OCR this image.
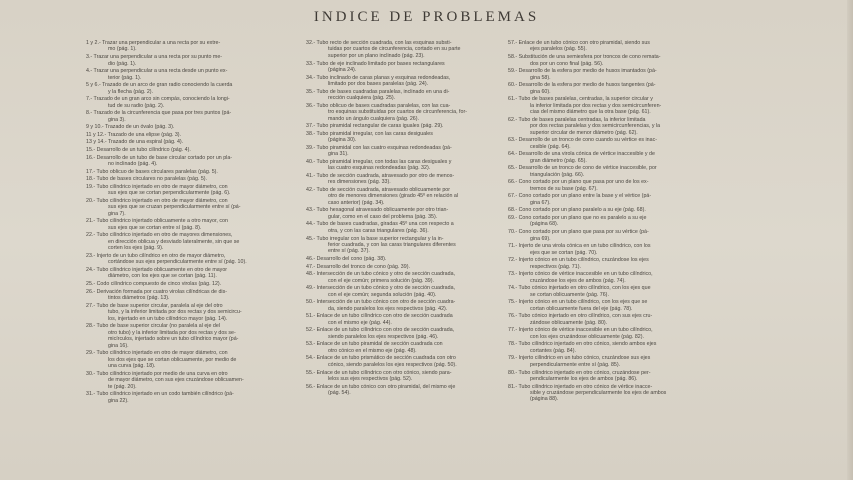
INDICE DE PROBLEMAS
1 y 2.- Trazar una perpendicular a una recta por su extre-
mo (pág. 1).
3.- Trazar una perpendicular a una recta por su punto me-
dio (pág. 1).
4.- Trazar una perpendicular a una recta desde un punto ex-
terior (pág. 1).
5 y 6.- Trazado de un arco de gran radio conociendo la cuerda
y la flecha (pág. 2).
7.- Trazado de un gran arco sin compás, conociendo la longi-
tud de su radio (pág. 2).
8.- Trazado de la circunferencia que pasa por tres puntos (pá-
gina 3).
9 y 10.- Trazado de un óvalo (pág. 3).
11 y 12.- Trazado de una elipse (pág. 3).
13 y 14.- Trazado de una espiral (pág. 4).
15.- Desarrollo de un tubo cilíndrico (pág. 4).
16.- Desarrollo de un tubo de base circular cortado por un pla-
no inclinado (pág. 4).
17.- Tubo oblicuo de bases circulares paralelas (pág. 5).
18.- Tubo de bases circulares no paralelas (pág. 5).
19.- Tubo cilíndrico injertado en otro de mayor diámetro, con
sus ejes que se cortan perpendicularmente (pág. 6).
20.- Tubo cilíndrico injertado en otro de mayor diámetro, con
sus ejes que se cruzan perpendicularmente entre sí (pá-
gina 7).
21.- Tubo cilíndrico injertado oblicuamente a otro mayor, con
sus ejes que se cortan entre sí (pág. 8).
22.- Tubo cilíndrico injertado en otro de mayores dimensiones,
en dirección oblicua y desviado lateralmente, sin que se
corten los ejes (pág. 9).
23.- Injerto de un tubo cilíndrico en otro de mayor diámetro,
cortándose sus ejes perpendicularmente entre sí (pág. 10).
24.- Tubo cilíndrico injertado oblicuamente en otro de mayor
diámetro, con los ejes que se cortan (pág. 11).
25.- Codo cilíndrico compuesto de cinco virolas (pág. 12).
26.- Derivación formada por cuatro virolas cilíndricas de dis-
tintos diámetros (pág. 13).
27.- Tubo de base superior circular, paralela al eje del otro
tubo, y la inferior limitada por dos rectas y dos semicircu-
los, injertado en un tubo cilíndrico mayor (pág. 14).
28.- Tubo de base superior circular (no paralela al eje del
otro tubo) y la inferior limitada por dos rectas y dos se-
micírculos, injertado sobre un tubo cilíndrico mayor (pá-
gina 16).
29.- Tubo cilíndrico injertado en otro de mayor diámetro, con
los dos ejes que se cortan oblicuamente, por medio de
una curva (pág. 18).
30.- Tubo cilíndrico injertado por medio de una curva en otro
de mayor diámetro, con sus ejes cruzándose oblicuamen-
te (pág. 20).
31.- Tubo cilíndrico injertado en un codo también cilíndrico (pá-
gina 22).
32.- Tubo recto de sección cuadrada, con las esquinas substi-
tuidas por cuartos de circunferencia, cortado en su parte
superior por un plano inclinado (pág. 23).
33.- Tubo de eje inclinado limitado por bases rectangulares
(página 24).
34.- Tubo inclinado de caras planas y esquinas redondeadas,
limitado por dos bases paralelas (pág. 24).
35.- Tubo de bases cuadradas paralelas, inclinado en una di-
rección cualquiera (pág. 25).
36.- Tubo oblicuo de bases cuadradas paralelas, con las cua-
tro esquinas substituidas por cuartos de circunferencia, for-
mando un ángulo cualquiera (pág. 26).
37.- Tubo piramidal rectangular de caras iguales (pág. 29).
38.- Tubo piramidal irregular, con las caras desiguales
(página 30).
39.- Tubo piramidal con las cuatro esquinas redondeadas (pá-
gina 31).
40.- Tubo piramidal irregular, con todas las caras desiguales y
las cuatro esquinas redondeadas (pág. 32).
41.- Tubo de sección cuadrada, atravesado por otro de menos-
res dimensiones (pág. 33).
42.- Tubo de sección cuadrada, atravesado oblicuamente por
otro de menores dimensiones (girado 45º en relación al
caso anterior) (pág. 34).
43.- Tubo hexagonal atravesado oblicuamente por otro trian-
gular, como en el caso del problema (pág. 35).
44.- Tubo de bases cuadradas, giradas 45º una con respecto a
otra, y con las caras triangulares (pág. 36).
45.- Tubo irregular con la base superior rectangular y la in-
ferior cuadrada, y con las caras triangulares diferentes
entre sí (pág. 37).
46.- Desarrollo del cono (pág. 38).
47.- Desarrollo del tronco de cono (pág. 39).
48.- Intersección de un tubo cónico y otro de sección cuadrada,
con el eje común; primera solución (pág. 39).
49.- Intersección de un tubo cónico y otro de sección cuadrada,
con el eje común; segunda solución (pág. 40).
50.- Intersección de un tubo cónico con otro de sección cuadra-
da, siendo paralelos los ejes respectivos (pág. 42).
51.- Enlace de un tubo cilíndrico con otro de sección cuadrada
con el mismo eje (pág. 44).
52.- Enlace de un tubo cilíndrico con otro de sección cuadrada,
siendo paralelos los ejes respectivos (pág. 46).
53.- Enlace de un tubo piramidal de sección cuadrada con
otro cónico en el mismo eje (pág. 48).
54.- Enlace de un tubo prismático de sección cuadrada con otro
cónico, siendo paralelos los ejes respectivos (pág. 50).
55.- Enlace de un tubo cilíndrico con otro cónico, siendo para-
lelos sus ejes respectivos (pág. 52).
56.- Enlace de un tubo cónico con otro piramidal, del mismo eje
(pág. 54).
57.- Enlace de un tubo cónico con otro piramidal, siendo sus
ejes paralelos (pág. 55).
58.- Substitución de una semiesfera por troncos de cono remata-
dos por un cono final (pág. 56).
59.- Desarrollo de la esfera por medio de husos imantados (pá-
gina 58).
60.- Desarrollo de la esfera por medio de husos tangentes (pá-
gina 60).
61.- Tubo de bases paralelas, centradas, la superior circular y
la inferior limitada por dos rectas y dos semicircunferen-
cias del mismo diámetro que la otra base (pág. 61).
62.- Tubo de bases paralelas centradas, la inferior limitada
por dos rectas paralelas y dos semicircunferencias, y la
superior circular de menor diámetro (pág. 62).
63.- Desarrollo de un tronco de cono cuando su vértice es inac-
cesible (pág. 64).
64.- Desarrollo de una virola cónica de vértice inaccesible y de
gran diámetro (pág. 65).
65.- Desarrollo de un tronco de cono de vértice inaccesible, por
triangulación (pág. 66).
66.- Cono cortado por un plano que pasa por uno de los ex-
tremos de su base (pág. 67).
67.- Cono cortado por un plano entre la base y el vértice (pá-
gina 67).
68.- Cono cortado por un plano paralelo a su eje (pág. 68).
69.- Cono cortado por un plano que no es paralelo a su eje
(página 68).
70.- Cono cortado por un plano que pasa por su vértice (pá-
gina 69).
71.- Injerto de una virola cónica en un tubo cilíndrico, con los
ejes que se cortan (pág. 70).
72.- Injerto cónico en un tubo cilíndrico, cruzándose los ejes
respectivos (pág. 71).
73.- Injerto cónico de vértice inaccesible en un tubo cilíndrico,
cruzándose los ejes de ambos (pág. 74).
74.- Tubo cónico injertado en otro cilíndrico, con los ejes que
se cortan oblicuamente (pág. 76).
75.- Injerto cónico en un tubo cilíndrico, con los ejes que se
cortan oblicuamente fuera del eje (pág. 78).
76.- Tubo cónico injertado en otro cilíndrico, con sus ejes cru-
zándose oblicuamente (pág. 80).
77.- Injerto cónico de vértice inaccesible en un tubo cilíndrico,
con los ejes cruzándose oblicuamente (pág. 82).
78.- Tubo cilíndrico injertado en otro cónico, siendo ambos ejes
cortantes (pág. 84).
79.- Injerto cilíndrico en un tubo cónico, cruzándose sus ejes
perpendicularmente entre sí (pág. 85).
80.- Tubo cilíndrico injertado en otro cónico, cruzándose per-
pendicularmente los ejes de ambos (pág. 86).
81.- Tubo cilíndrico injertado en otro cónico de vértice inacce-
sible y cruzándose perpendicularmente los ejes de ambos
(página 88).
